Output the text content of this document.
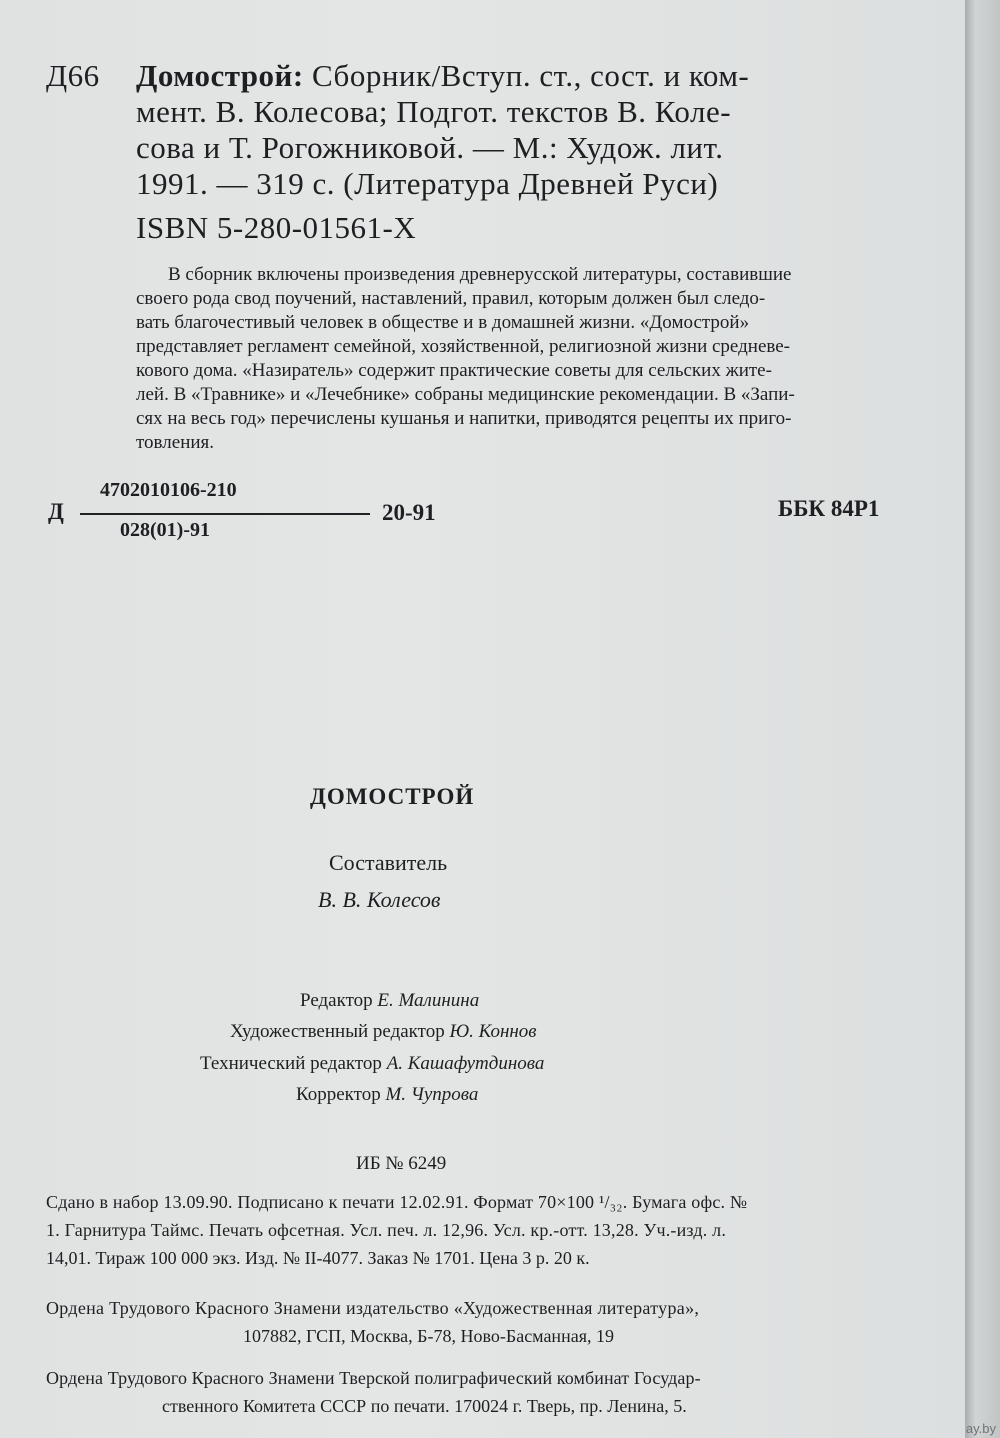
Д66 Домострой: Сборник/Вступ. ст., сост. и ком-
мент. В. Колесова; Подгот. текстов В. Коле-
сова и Т. Рогожниковой. — М.: Худож. лит.
1991. — 319 с. (Литература Древней Руси)
ISBN 5-280-01561-X
В сборник включены произведения древнерусской литературы, составившие
своего рода свод поучений, наставлений, правил, которым должен был следо-
вать благочестивый человек в обществе и в домашней жизни. «Домострой»
представляет регламент семейной, хозяйственной, религиозной жизни средневе-
кового дома. «Назиратель» содержит практические советы для сельских жите-
лей. В «Травнике» и «Лечебнике» собраны медицинские рекомендации. В «Запи-
сях на весь год» перечислены кушанья и напитки, приводятся рецепты их приго-
товления.
Д
4702010106-210
028(01)-91
20-91	ББК 84Р1
ДОМОСТРОЙ
Составитель
В. В. Колесов
Редактор Е. Малинина
Художественный редактор Ю. Коннов
Технический редактор А. Кашафутдинова
Корректор М. Чупрова
ИБ № 6249
Сдано в набор 13.09.90. Подписано к печати 12.02.91. Формат 70×100 ¹/₃₂. Бумага офс. №
1. Гарнитура Таймс. Печать офсетная. Усл. печ. л. 12,96. Усл. кр.-отт. 13,28. Уч.-изд. л.
14,01. Тираж 100 000 экз. Изд. № II-4077. Заказ № 1701. Цена 3 р. 20 к.
Ордена Трудового Красного Знамени издательство «Художественная литература»,
107882, ГСП, Москва, Б-78, Ново-Басманная, 19
Ордена Трудового Красного Знамени Тверской полиграфический комбинат Государ-
ственного Комитета СССР по печати. 170024 г. Тверь, пр. Ленина, 5.
ay.by
